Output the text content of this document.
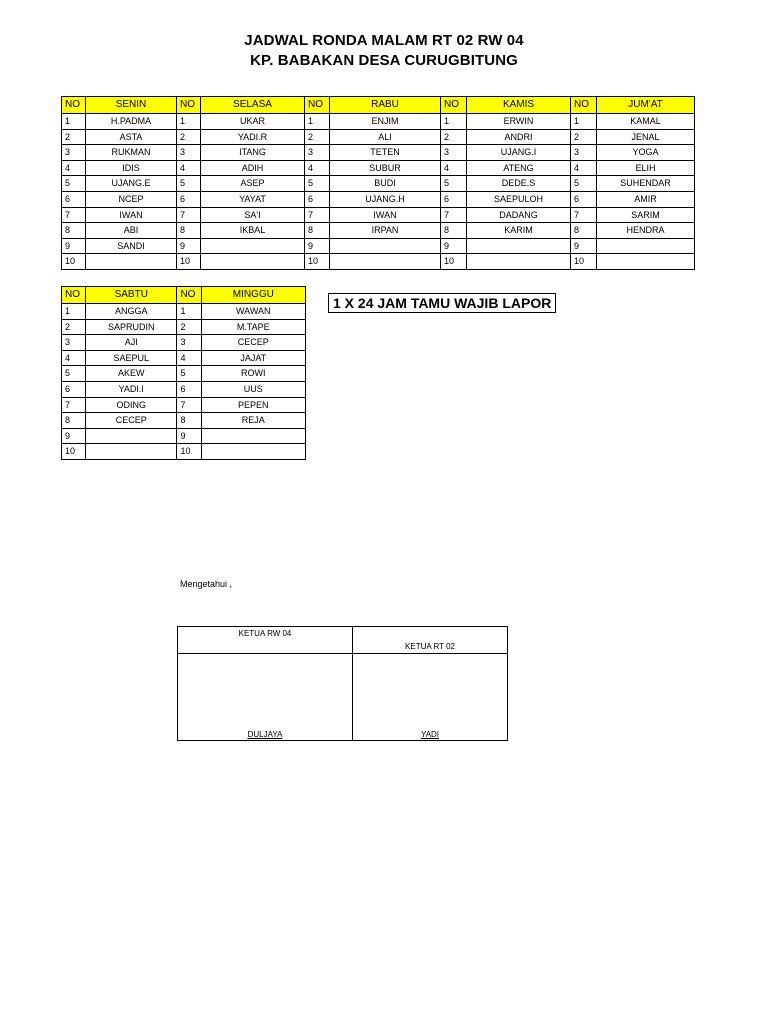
JADWAL RONDA MALAM RT 02 RW 04
KP. BABAKAN DESA CURUGBITUNG
NO	SENIN	NO	SELASA	NO	RABU	NO	KAMIS	NO	JUM'AT
1	H.PADMA	1	UKAR	1	ENJIM	1	ERWIN	1	KAMAL
2	ASTA	2	YADI.R	2	ALI	2	ANDRI	2	JENAL
3	RUKMAN	3	ITANG	3	TETEN	3	UJANG.I	3	YOGA
4	IDIS	4	ADIH	4	SUBUR	4	ATENG	4	ELIH
5	UJANG.E	5	ASEP	5	BUDI	5	DEDE.S	5	SUHENDAR
6	NCEP	6	YAYAT	6	UJANG.H	6	SAEPULOH	6	AMIR
7	IWAN	7	SA'I	7	IWAN	7	DADANG	7	SARIM
8	ABI	8	IKBAL	8	IRPAN	8	KARIM	8	HENDRA
9	SANDI	9		9		9		9	
10		10		10		10		10	
NO	SABTU	NO	MINGGU
1	ANGGA	1	WAWAN
2	SAPRUDIN	2	M.TAPE
3	AJI	3	CECEP
4	SAEPUL	4	JAJAT
5	AKEW	5	ROWI
6	YADI.I	6	UUS
7	ODING	7	PEPEN
8	CECEP	8	REJA
9		9	
10		10	
1 X 24 JAM TAMU WAJIB LAPOR
Mengetahui ,
KETUA RW 04	KETUA RT 02
DULJAYA	YADI
